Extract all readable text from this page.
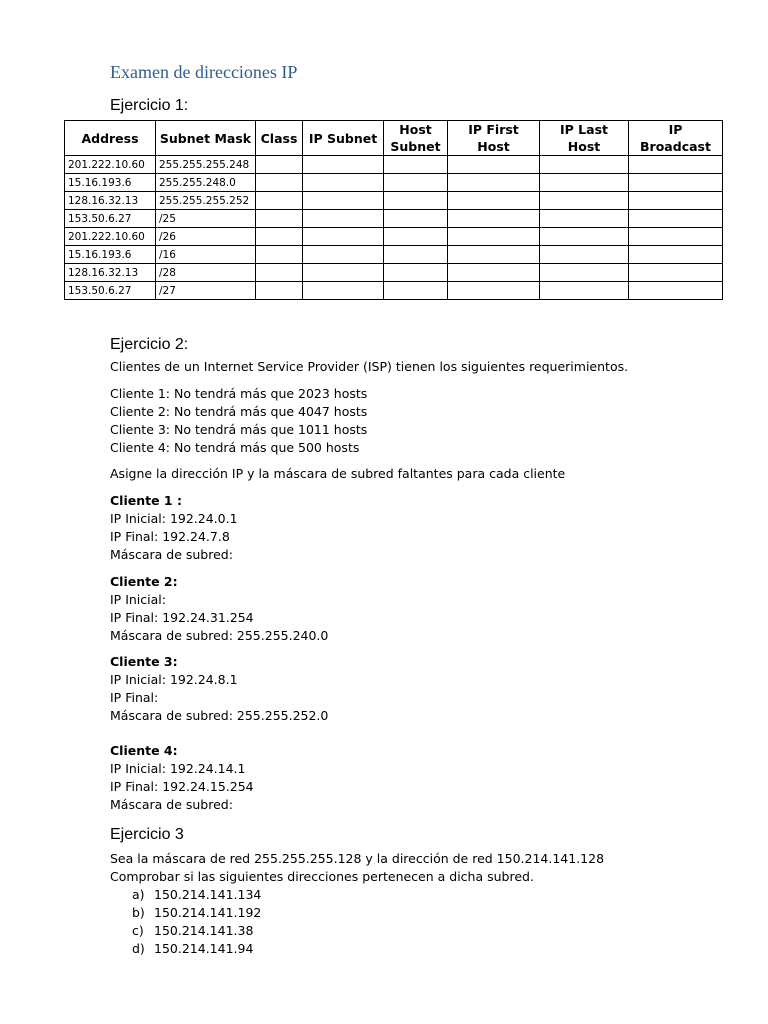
Examen de direcciones IP
Ejercicio 1:
Address	Subnet Mask	Class	IP Subnet	Host Subnet	IP First Host	IP Last Host	IP Broadcast
201.222.10.60	255.255.255.248						
15.16.193.6	255.255.248.0						
128.16.32.13	255.255.255.252						
153.50.6.27	/25						
201.222.10.60	/26						
15.16.193.6	/16						
128.16.32.13	/28						
153.50.6.27	/27						
Ejercicio 2:

Clientes de un Internet Service Provider (ISP) tienen los siguientes requerimientos.

Cliente 1: No tendrá más que 2023 hosts

Cliente 2: No tendrá más que 4047 hosts

Cliente 3: No tendrá más que 1011 hosts

Cliente 4: No tendrá más que 500 hosts

Asigne la dirección IP y la máscara de subred faltantes para cada cliente

Cliente 1 :

IP Inicial: 192.24.0.1

IP Final: 192.24.7.8

Máscara de subred:

Cliente 2:

IP Inicial:

IP Final: 192.24.31.254

Máscara de subred: 255.255.240.0

Cliente 3:

IP Inicial: 192.24.8.1

IP Final:

Máscara de subred: 255.255.252.0

Cliente 4:

IP Inicial: 192.24.14.1

IP Final: 192.24.15.254

Máscara de subred:

Ejercicio 3

Sea la máscara de red 255.255.255.128 y la dirección de red 150.214.141.128

Comprobar si las siguientes direcciones pertenecen a dicha subred.

a) 150.214.141.134
b) 150.214.141.192
c) 150.214.141.38
d) 150.214.141.94
